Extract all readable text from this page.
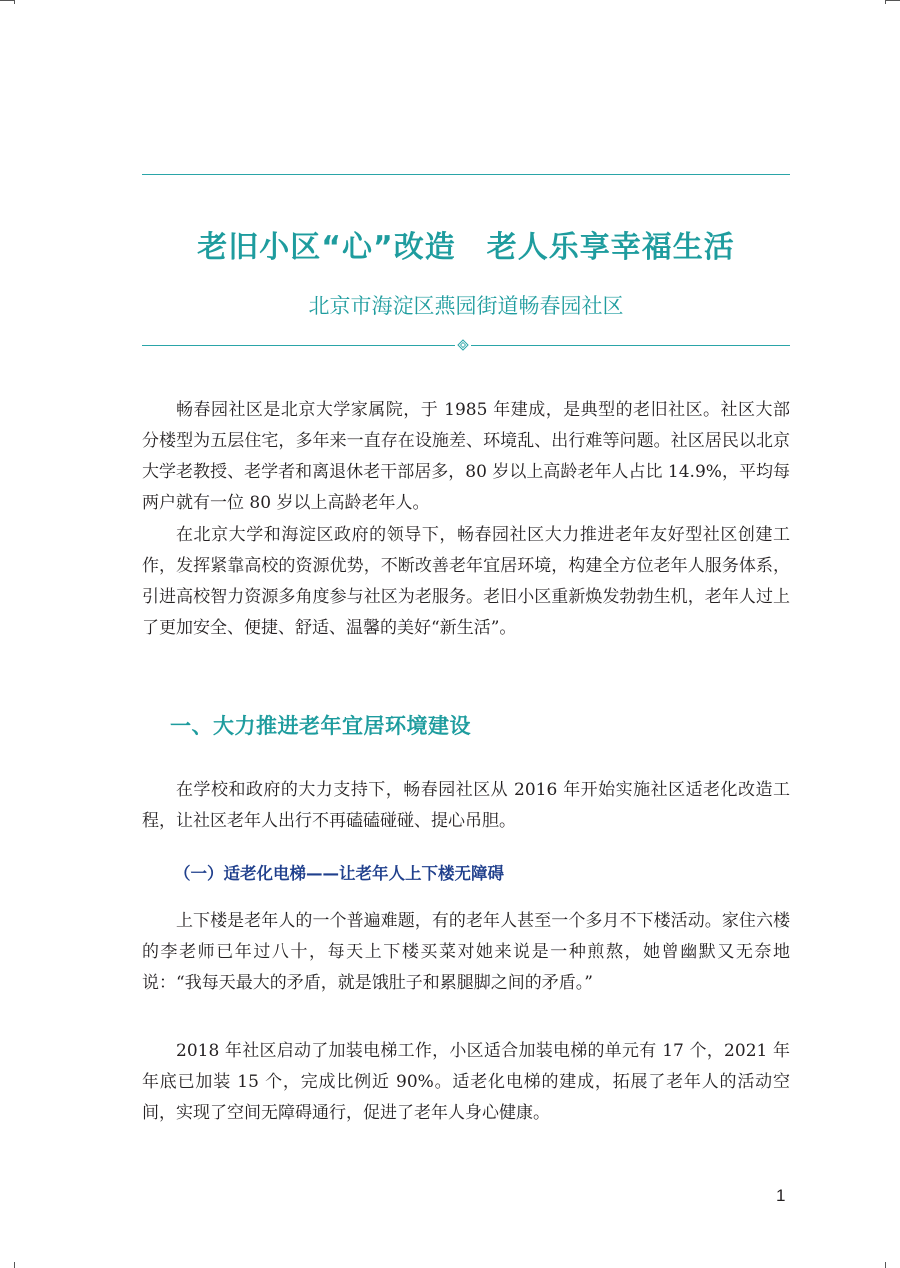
老旧小区“心”改造　老人乐享幸福生活
北京市海淀区燕园街道畅春园社区

畅春园社区是北京大学家属院，于 1985 年建成，是典型的老旧社区。社区大部分楼型为五层住宅，多年来一直存在设施差、环境乱、出行难等问题。社区居民以北京大学老教授、老学者和离退休老干部居多，80 岁以上高龄老年人占比 14.9%，平均每两户就有一位 80 岁以上高龄老年人。

在北京大学和海淀区政府的领导下，畅春园社区大力推进老年友好型社区创建工作，发挥紧靠高校的资源优势，不断改善老年宜居环境，构建全方位老年人服务体系，引进高校智力资源多角度参与社区为老服务。老旧小区重新焕发勃勃生机，老年人过上了更加安全、便捷、舒适、温馨的美好“新生活”。

一、大力推进老年宜居环境建设

在学校和政府的大力支持下，畅春园社区从 2016 年开始实施社区适老化改造工程，让社区老年人出行不再磕磕碰碰、提心吊胆。

（一）适老化电梯——让老年人上下楼无障碍

上下楼是老年人的一个普遍难题，有的老年人甚至一个多月不下楼活动。家住六楼的李老师已年过八十，每天上下楼买菜对她来说是一种煎熬，她曾幽默又无奈地说：“我每天最大的矛盾，就是饿肚子和累腿脚之间的矛盾。”

2018 年社区启动了加装电梯工作，小区适合加装电梯的单元有 17 个，2021 年年底已加装 15 个，完成比例近 90%。适老化电梯的建成，拓展了老年人的活动空间，实现了空间无障碍通行，促进了老年人身心健康。

1
